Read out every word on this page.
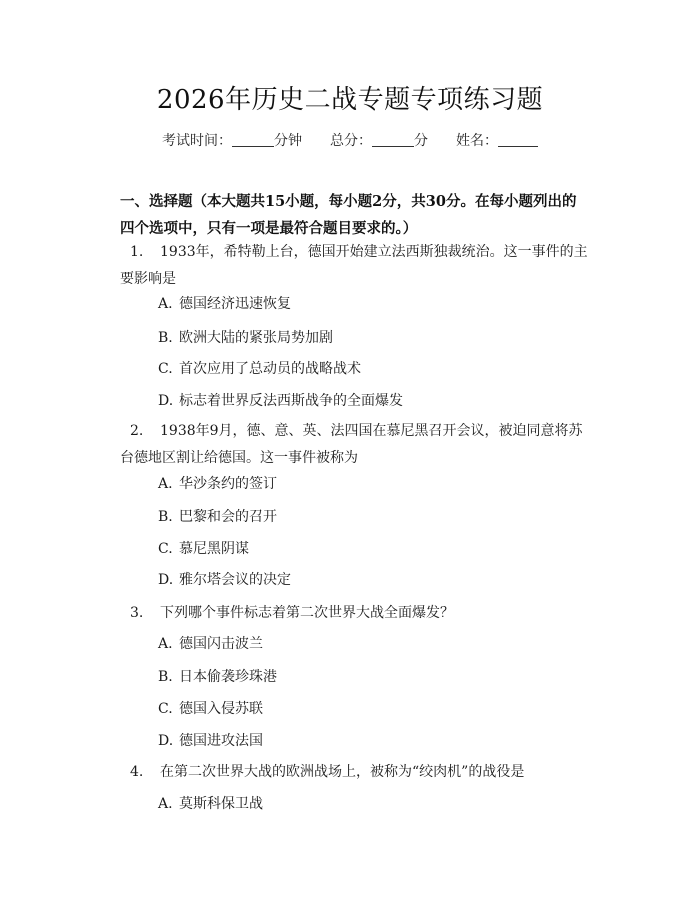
2026年历史二战专题专项练习题
考试时间：	分钟 总分：	分 姓名：
一、选择题（本大题共15小题，每小题2分，共30分。在每小题列出的四个选项中，只有一项是最符合题目要求的。）
1. 1933年，希特勒上台，德国开始建立法西斯独裁统治。这一事件的主要影响是
A. 德国经济迅速恢复
B. 欧洲大陆的紧张局势加剧
C. 首次应用了总动员的战略战术
D. 标志着世界反法西斯战争的全面爆发
2. 1938年9月，德、意、英、法四国在慕尼黑召开会议，被迫同意将苏台德地区割让给德国。这一事件被称为
A. 华沙条约的签订
B. 巴黎和会的召开
C. 慕尼黑阴谋
D. 雅尔塔会议的决定
3. 下列哪个事件标志着第二次世界大战全面爆发？
A. 德国闪击波兰
B. 日本偷袭珍珠港
C. 德国入侵苏联
D. 德国进攻法国
4. 在第二次世界大战的欧洲战场上，被称为“绞肉机”的战役是
A. 莫斯科保卫战
